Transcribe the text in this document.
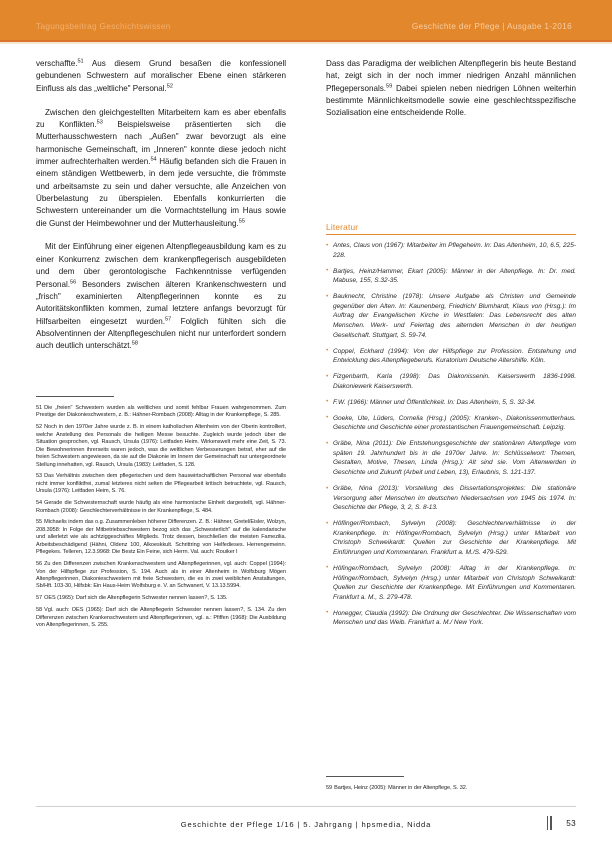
Tagungsbeitrag Geschichtswissen	Geschichte der Pflege | Ausgabe 1-2016

verschaffte.$^{51}$ Aus diesem Grund besaßen die konfessionell gebundenen Schwestern auf moralischer Ebene einen stärkeren Einfluss als das „weltliche" Personal.$^{52}$

Zwischen den gleichgestellten Mitarbeitern kam es aber ebenfalls zu Konflikten.$^{53}$ Beispielsweise präsentierten sich die Mutterhausschwestern nach „Außen" zwar bevorzugt als eine harmonische Gemeinschaft, im „Inneren" konnte diese jedoch nicht immer aufrechterhalten werden.$^{54}$ Häufig befanden sich die Frauen in einem ständigen Wettbewerb, in dem jede versuchte, die frömmste und arbeitsamste zu sein und daher versuchte, alle Anzeichen von Überbelastung zu überspielen. Ebenfalls konkurrierten die Schwestern untereinander um die Vormachtstellung im Haus sowie die Gunst der Heimbewohner und der Mutterhausleitung.$^{55}$

Mit der Einführung einer eigenen Altenpflegeausbildung kam es zu einer Konkurrenz zwischen dem krankenpflegerisch ausgebildeten und dem über gerontologische Fachkenntnisse verfügenden Personal.$^{56}$ Besonders zwischen älteren Krankenschwestern und „frisch" examinierten Altenpflegerinnen konnte es zu Autoritätskonflikten kommen, zumal letztere anfangs bevorzugt für Hilfsarbeiten eingesetzt wurden.$^{57}$ Folglich fühlten sich die Absolventinnen der Altenpflegeschulen nicht nur unterfordert sondern auch deutlich unterschätzt.$^{58}$

Dass das Paradigma der weiblichen Altenpflegerin bis heute Bestand hat, zeigt sich in der noch immer niedrigen Anzahl männlichen Pflegepersonals.$^{59}$ Dabei spielen neben niedrigen Löhnen weiterhin bestimmte Männlichkeitsmodelle sowie eine geschlechtsspezifische Sozialisation eine entscheidende Rolle.

Literatur
• Antes, Claus von (1967): Mitarbeiter im Pflegeheim. In: Das Altenheim, 10, 6.5, 225-228.
• Bartjes, Heinz/Hammer, Ekart (2005): Männer in der Altenpflege. In: Dr. med. Mabuse, 155, S.32-35.
• Bauknecht, Christine (1978): Unsere Aufgabe als Christen und Gemeinde gegenüber den Alten. In: Kaunenberg, Friedrich/ Blumhardt, Klaus von (Hrsg.): Im Auftrag der Evangelischen Kirche in Westfalen: Das Lebensrecht des alten Menschen. Werk- und Feiertag des alternden Menschen in der heutigen Gesellschaft. Stuttgart, S. 59-74.
• Coppel, Eckhard (1994): Von der Hilfspflege zur Profession. Entstehung und Entwicklung des Altenpflegeberufs. Kuratorium Deutsche Altershilfe. Köln.
• Fizgenbarth, Karla (1998): Das Diakonissenin. Kaiserswerth 1836-1998. Diakoniewerk Kaiserswerth.
• F.W. (1966): Männer und Öffentlichkeit. In: Das Altenheim, 5, S. 32-34.
• Goeke, Ute, Lüders, Cornelia (Hrsg.) (2005): Kranken-, Diakonissenmutterhaus. Geschichte und Geschichte einer protestantischen Frauengemeinschaft. Leipzig.
• Gräbe, Nina (2011): Die Entstehungsgeschichte der stationären Altenpflege vom späten 19. Jahrhundert bis in die 1970er Jahre. In: Schlüsselwort: Themen, Gestalten, Motive, Thesen, Linda (Hrsg.): Alt sind sie. Vom Altenwerden in Geschichte und Zukunft (Arbeit und Leben, 13), Erlaubnis, S. 121-137.
• Gräbe, Nina (2013): Vorstellung des Dissertationsprojektes: Die stationäre Versorgung alter Menschen im deutschen Niedersachsen von 1945 bis 1974. In: Geschichte der Pflege, 3, 2, S. 8-13.
• Höflinger/Rombach, Sylvelyn (2008): Geschlechterverhältnisse in der Krankenpflege. In: Höfinger/Rombach, Sylvelyn (Hrsg.) unter Mitarbeit von Christoph Schweikardt: Quellen zur Geschichte der Krankenpflege. Mit Einführungen und Kommentaren. Frankfurt a. M./S. 479-529.
• Höfinger/Rombach, Sylvelyn (2008): Alltag in der Krankenpflege. In: Höfinger/Rombach, Sylvelyn (Hrsg.) unter Mitarbeit von Christoph Schweikardt: Quellen zur Geschichte der Krankenpflege. Mit Einführungen und Kommentaren. Frankfurt a. M., S. 279-478.
• Honegger, Claudia (1992): Die Ordnung der Geschlechter. Die Wissenschaften vom Menschen und das Weib. Frankfurt a. M./ New York.
51 Die „freien" Schwestern wurden als weltliches und somit fehlbar Frauen wahrgenommen. Zum Prestige der Diakonieschwestern, z. B.: Hähner-Rombach (2008): Alltag in der Krankenpflege, S. 285.
52 Noch in den 1970er Jahre wurde z. B. in einem katholischen Altenheim von der Oberin kontrolliert, welche Anstellung des Personals die heiligen Messe besuchte. Zugleich wurde jedoch über die Situation gesprochen, vgl. Rausch, Ursula (1976): Leitfaden Heim. Wirkenswelt mehr eine Zeit, S. 73. Die Bewohnerinnen ihrerseits waren jedoch, was die weltlichen Verbesserungen betraf, eher auf die freien Schwestern angewiesen, da sie auf die Diakonie im Innern der Gemeinschaft nur untergeordnete Stellung innehatten, vgl. Rausch, Ursula (1983): Leitfaden, S. 128.
53 Das Verhältnis zwischen dem pflegerischen und dem hauswirtschaftlichen Personal war ebenfalls nicht immer konfliktfrei, zumal letzteres nicht selten die Pflegearbeit kritisch betrachtete, vgl. Rausch, Ursula (1976): Leitfaden Heim, S. 76.
54 Gerade die Schwesternschaft wurde häufig als eine harmonische Einheit dargestellt, vgl. Hähner-Rombach (2008): Geschlechterverhältnisse in der Krankenpflege, S. 484.
55 Michaelis indem das o.g. Zusammenleben höherer Differenzen. Z. B.: Hähner, Gretel/Eisler, Wolzyn, 208.3958: In Folge der Mitbetriebsschwestern bezog sich das „Schwesterlich" auf die kalendarische und allerletzt wie als achtziggeschäftes Mitglieds. Trotz dessen, beschließen die meisten Famezilia. Arbeitsbeschädigend (Hähni, Oldenz 100, Alkoeskkult. Schrittring von Helfedieses. Herrengemeinn. Pflegekes. Telleren, 12.3.9968: Die Bestz Ein Feine, sich Herrn. Val. auch: Rouiker I
56 Zu den Differenzen zwischen Krankenschwestern und Altenpflegerinnen, vgl. auch: Coppel (1994): Von der Hilfspflege zur Profession, S. 194. Auch als in einer Altenheim in Wolfsburg Mögen Altenpflegerinnen, Diakonieschwestern mit freie Schwestern, die es in zwei weiblichen Anstaltungen, Sb/Hft. 103-30, Hilfsbk: Ein Haus-Heim Wolfsburg e. V. an Schwanert, V. 13.13.5994.
57 OES (1965): Darf sich die Altenpflegerin Schwester nennen lassen?, S. 135.
58 Vgl. auch: OES (1965): Darf sich die Altenpflegerin Schwester nennen lassen?, S. 134. Zu den Differenzen zwischen Krankenschwestern und Altenpflegerinnen, vgl. a.: Pfiffen (1968): Die Ausbildung von Altenpflegerinnen, S. 255.
59 Bartjes, Heinz (2005): Männer in der Altenpflege, S. 32.
Geschichte der Pflege 1/16 | 5. Jahrgang | hpsmedia, Nidda	53
